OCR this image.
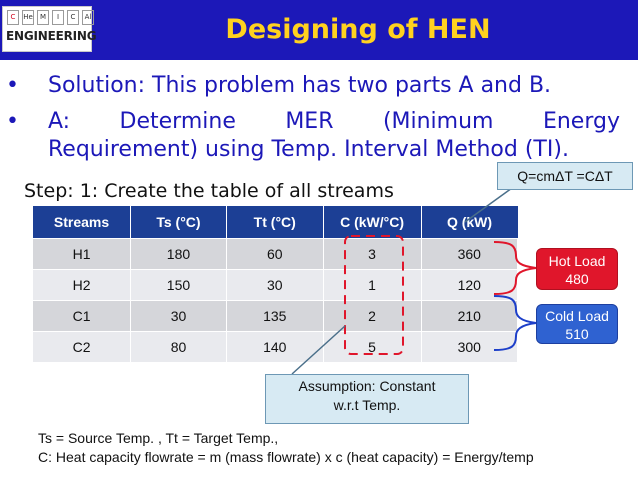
C	He	M	I	C	Al
ENGINEERING	Designing of HEN
• Solution: This problem has two parts A and B.
• A: Determine MER (Minimum Energy
Requirement) using Temp. Interval Method (TI).
Step: 1: Create the table of all streams
Streams	Ts (°C)	Tt (°C)	C (kW/°C)	Q (kW)
H1	180	60	3	360
H2	150	30	1	120
C1	30	135	2	210
C2	80	140	5	300
Q=cmΔT =CΔT
Assumption: Constant
w.r.t Temp.
Hot Load
480
Cold Load
510
Ts = Source Temp. , Tt = Target Temp.,
C: Heat capacity flowrate = m (mass flowrate) x c (heat capacity) = Energy/temp
